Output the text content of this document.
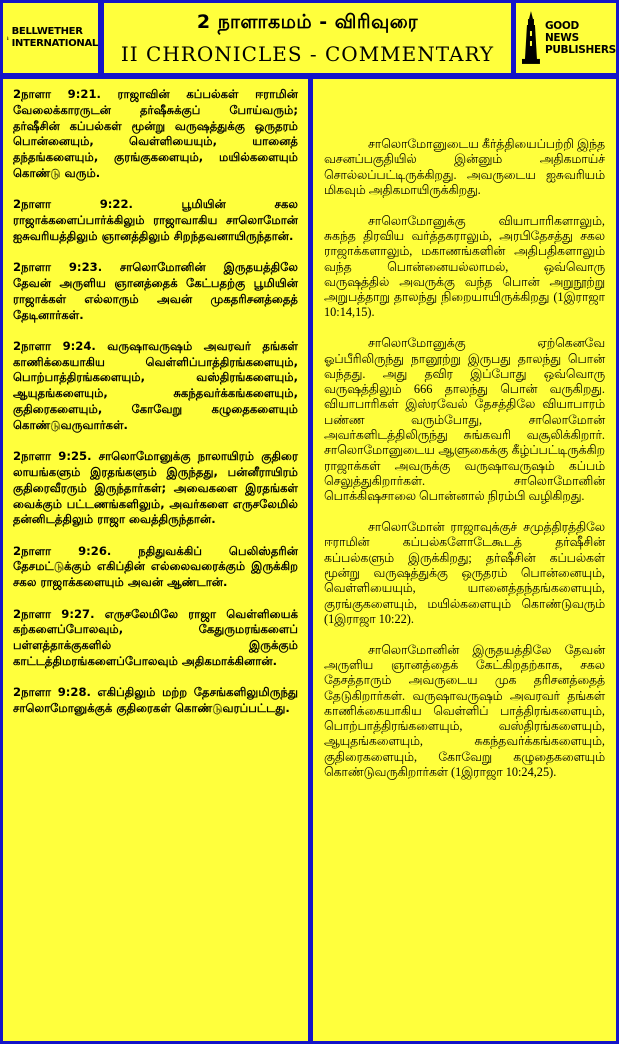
BELLWETHER
INTERNATIONAL
2 நாளாகமம் - விரிவுரை
II CHRONICLES - COMMENTARY
GOOD NEWS
PUBLISHERS

2நாளா 9:21. ராஜாவின் கப்பல்கள் ஈராமின் வேலைக்காரருடன் தர்ஷீசுக்குப் போய்வரும்; தர்ஷீசின் கப்பல்கள் மூன்று வருஷத்துக்கு ஒருதரம் பொன்னையும், வெள்ளியையும், யானைத் தந்தங்களையும், குரங்குகளையும், மயில்களையும் கொண்டு வரும்.

2நாளா 9:22. பூமியின் சகல ராஜாக்களைப்பார்க்கிலும் ராஜாவாகிய சாலொமோன் ஐசுவரியத்திலும் ஞானத்திலும் சிறந்தவனாயிருந்தான்.

2நாளா 9:23. சாலொமோனின் இருதயத்திலே தேவன் அருளிய ஞானத்தைக் கேட்பதற்கு பூமியின் ராஜாக்கள் எல்லாரும் அவன் முகதரிசனத்தைத் தேடினார்கள்.

2நாளா 9:24. வருஷாவருஷம் அவரவர் தங்கள் காணிக்கையாகிய வெள்ளிப்பாத்திரங்களையும், பொற்பாத்திரங்களையும், வஸ்திரங்களையும், ஆயுதங்களையும், சுகந்தவர்க்கங்களையும், குதிரைகளையும், கோவேறு கழுதைகளையும் கொண்டுவருவார்கள்.

2நாளா 9:25. சாலொமோனுக்கு நாலாயிரம் குதிரை லாயங்களும் இரதங்களும் இருந்தது, பன்னீராயிரம் குதிரைவீரரும் இருந்தார்கள்; அவைகளை இரதங்கள் வைக்கும் பட்டணங்களிலும், அவர்களை எருசலேமில் தன்னிடத்திலும் ராஜா வைத்திருந்தான்.

2நாளா 9:26. நதிதுவக்கிப் பெலிஸ்தரின் தேசமட்டுக்கும் எகிப்தின் எல்லைவரைக்கும் இருக்கிற சகல ராஜாக்களையும் அவன் ஆண்டான்.

2நாளா 9:27. எருசலேமிலே ராஜா வெள்ளியைக் கற்களைப்போலவும், கேதுருமரங்களைப் பள்ளத்தாக்குகளில் இருக்கும் காட்டத்திமரங்களைப்போலவும் அதிகமாக்கினான்.

2நாளா 9:28. எகிப்திலும் மற்ற தேசங்களிலுமிருந்து சாலொமோனுக்குக் குதிரைகள் கொண்டுவரப்பட்டது.

சாலொமோனுடைய கீர்த்தியைப்பற்றி இந்த வசனப்பகுதியில் இன்னும் அதிகமாய்ச் சொல்லப்பட்டிருக்கிறது. அவருடைய ஐசுவரியம் மிகவும் அதிகமாயிருக்கிறது.

சாலொமோனுக்கு வியாபாரிகளாலும், சுகந்த திரவிய வர்த்தகராலும், அரபிதேசத்து சகல ராஜாக்களாலும், மகாணங்களின் அதிபதிகளாலும் வந்த பொன்னையல்லாமல், ஒவ்வொரு வருஷத்தில் அவருக்கு வந்த பொன் அறுநூற்று அறுபத்தாறு தாலந்து நிறையாயிருக்கிறது (1இராஜா 10:14,15).

சாலொமோனுக்கு ஏற்கெனவே ஓப்பீரிலிருந்து நானூற்று இருபது தாலந்து பொன் வந்தது. அது தவிர இப்போது ஒவ்வொரு வருஷத்திலும் 666 தாலந்து பொன் வருகிறது. வியாபாரிகள் இஸ்ரவேல் தேசத்திலே வியாபாரம் பண்ண வரும்போது, சாலொமோன் அவர்களிடத்திலிருந்து சுங்கவரி வசூலிக்கிறார். சாலொமோனுடைய ஆளுகைக்கு கீழ்ப்பட்டிருக்கிற ராஜாக்கள் அவருக்கு வருஷாவருஷம் கப்பம் செலுத்துகிறார்கள். சாலொமோனின் பொக்கிஷசாலை பொன்னால் நிரம்பி வழிகிறது.

சாலொமோன் ராஜாவுக்குச் சமுத்திரத்திலே ஈராமின் கப்பல்களோடேகூடத் தர்ஷீசின் கப்பல்களும் இருக்கிறது; தர்ஷீசின் கப்பல்கள் மூன்று வருஷத்துக்கு ஒருதரம் பொன்னையும், வெள்ளியையும், யானைத்தந்தங்களையும், குரங்குகளையும், மயில்களையும் கொண்டுவரும் (1இராஜா 10:22).

சாலொமோனின் இருதயத்திலே தேவன் அருளிய ஞானத்தைக் கேட்கிறதற்காக, சகல தேசத்தாரும் அவருடைய முக தரிசனத்தைத் தேடுகிறார்கள். வருஷாவருஷம் அவரவர் தங்கள் காணிக்கையாகிய வெள்ளிப் பாத்திரங்களையும், பொற்பாத்திரங்களையும், வஸ்திரங்களையும், ஆயுதங்களையும், சுகந்தவர்க்கங்களையும், குதிரைகளையும், கோவேறு கழுதைகளையும் கொண்டுவருகிறார்கள் (1இராஜா 10:24,25).
